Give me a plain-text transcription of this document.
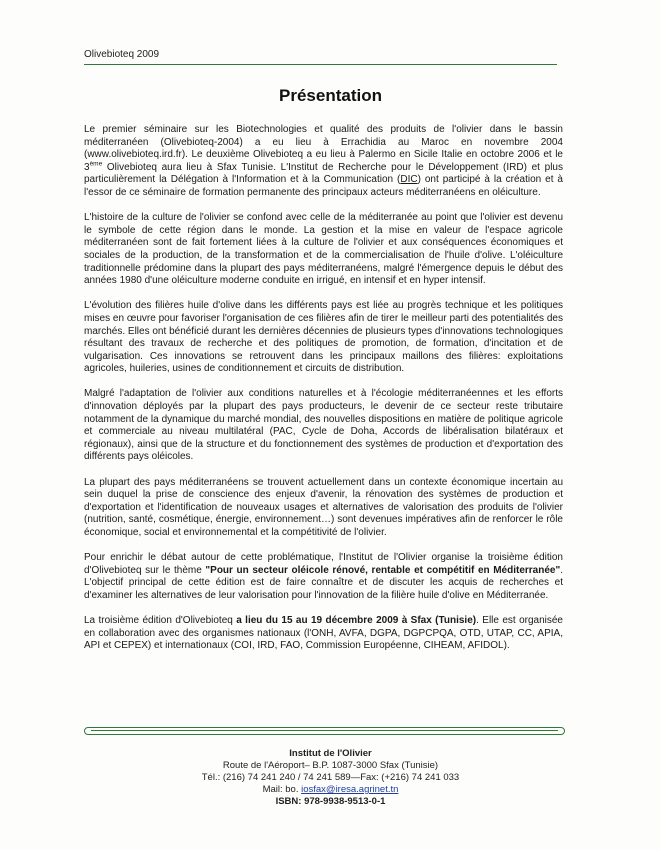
Olivebioteq 2009
Présentation

Le premier séminaire sur les Biotechnologies et qualité des produits de l'olivier dans le bassin méditerranéen (Olivebioteq-2004) a eu lieu à Errachidia au Maroc en novembre 2004 (www.olivebioteq.ird.fr). Le deuxième Olivebioteq a eu lieu à Palermo en Sicile Italie en octobre 2006 et le 3ème Olivebioteq aura lieu à Sfax Tunisie. L'Institut de Recherche pour le Développement (IRD) et plus particulièrement la Délégation à l'Information et à la Communication (DIC) ont participé à la création et à l'essor de ce séminaire de formation permanente des principaux acteurs méditerranéens en oléiculture.

L'histoire de la culture de l'olivier se confond avec celle de la méditerranée au point que l'olivier est devenu le symbole de cette région dans le monde. La gestion et la mise en valeur de l'espace agricole méditerranéen sont de fait fortement liées à la culture de l'olivier et aux conséquences économiques et sociales de la production, de la transformation et de la commercialisation de l'huile d'olive. L'oléiculture traditionnelle prédomine dans la plupart des pays méditerranéens, malgré l'émergence depuis le début des années 1980 d'une oléiculture moderne conduite en irrigué, en intensif et en hyper intensif.

L'évolution des filières huile d'olive dans les différents pays est liée au progrès technique et les politiques mises en œuvre pour favoriser l'organisation de ces filières afin de tirer le meilleur parti des potentialités des marchés. Elles ont bénéficié durant les dernières décennies de plusieurs types d'innovations technologiques résultant des travaux de recherche et des politiques de promotion, de formation, d'incitation et de vulgarisation. Ces innovations se retrouvent dans les principaux maillons des filières: exploitations agricoles, huileries, usines de conditionnement et circuits de distribution.

Malgré l'adaptation de l'olivier aux conditions naturelles et à l'écologie méditerranéennes et les efforts d'innovation déployés par la plupart des pays producteurs, le devenir de ce secteur reste tributaire notamment de la dynamique du marché mondial, des nouvelles dispositions en matière de politique agricole et commerciale au niveau multilatéral (PAC, Cycle de Doha, Accords de libéralisation bilatéraux et régionaux), ainsi que de la structure et du fonctionnement des systèmes de production et d'exportation des différents pays oléicoles.

La plupart des pays méditerranéens se trouvent actuellement dans un contexte économique incertain au sein duquel la prise de conscience des enjeux d'avenir, la rénovation des systèmes de production et d'exportation et l'identification de nouveaux usages et alternatives de valorisation des produits de l'olivier (nutrition, santé, cosmétique, énergie, environnement…) sont devenues impératives afin de renforcer le rôle économique, social et environnemental et la compétitivité de l'olivier.

Pour enrichir le débat autour de cette problématique, l'Institut de l'Olivier organise la troisième édition d'Olivebioteq sur le thème "Pour un secteur oléicole rénové, rentable et compétitif en Méditerranée". L'objectif principal de cette édition est de faire connaître et de discuter les acquis de recherches et d'examiner les alternatives de leur valorisation pour l'innovation de la filière huile d'olive en Méditerranée.

La troisième édition d'Olivebioteq a lieu du 15 au 19 décembre 2009 à Sfax (Tunisie). Elle est organisée en collaboration avec des organismes nationaux (l'ONH, AVFA, DGPA, DGPCPQA, OTD, UTAP, CC, APIA, API et CEPEX) et internationaux (COI, IRD, FAO, Commission Européenne, CIHEAM, AFIDOL).

Institut de l'Olivier
Route de l'Aéroport– B.P. 1087-3000 Sfax (Tunisie)
Tél.: (216) 74 241 240 / 74 241 589—Fax: (+216) 74 241 033
Mail: bo. iosfax@iresa.agrinet.tn
ISBN: 978-9938-9513-0-1
